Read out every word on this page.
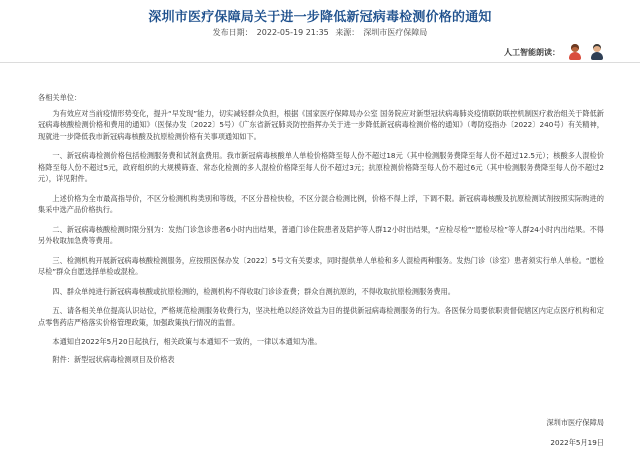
深圳市医疗保障局关于进一步降低新冠病毒检测价格的通知
发布日期： 2022-05-19 21:35 来源： 深圳市医疗保障局
人工智能朗读：

各相关单位：

为有效应对当前疫情形势变化，提升“早发现”能力，切实减轻群众负担，根据《国家医疗保障局办公室 国务院应对新型冠状病毒肺炎疫情联防联控机制医疗救治组关于降低新冠病毒核酸检测价格和费用的通知》（医保办发〔2022〕5号）《广东省新冠肺炎防控指挥办关于进一步降低新冠病毒检测价格的通知》（粤防疫指办〔2022〕240号）有关精神，现就进一步降低我市新冠病毒核酸及抗原检测价格有关事项通知如下。

一、新冠病毒检测价格包括检测服务费和试剂盒费用。我市新冠病毒核酸单人单检价格降至每人份不超过18元（其中检测服务费降至每人份不超过12.5元）；核酸多人混检价格降至每人份不超过5元，政府组织的大规模筛查、常态化检测的多人混检价格降至每人份不超过3元；抗原检测价格降至每人份不超过6元（其中检测服务费降至每人份不超过2元），详见附件。

上述价格为全市最高指导价，不区分检测机构类别和等级，不区分普检快检，不区分混合检测比例，价格不得上浮，下调不限。新冠病毒核酸及抗原检测试剂按照实际购进的集采中选产品价格执行。

二、新冠病毒核酸检测时限分别为：发热门诊急诊患者6小时内出结果，普通门诊住院患者及陪护等人群12小时出结果，“应检尽检”“愿检尽检”等人群24小时内出结果。不得另外收取加急费等费用。

三、检测机构开展新冠病毒核酸检测服务，应按照医保办发〔2022〕5号文有关要求，同时提供单人单检和多人混检两种服务。发热门诊（诊室）患者须实行单人单检。“愿检尽检”群众自愿选择单检或混检。

四、群众单纯进行新冠病毒核酸或抗原检测的，检测机构不得收取门诊诊查费；群众自测抗原的，不得收取抗原检测服务费用。

五、请各相关单位提高认识站位，严格规范检测服务收费行为，坚决杜绝以经济效益为目的提供新冠病毒检测服务的行为。各医保分局要依职责督促辖区内定点医疗机构和定点零售药店严格落实价格管理政策，加强政策执行情况的监督。

本通知自2022年5月20日起执行，相关政策与本通知不一致的，一律以本通知为准。

附件：新型冠状病毒检测项目及价格表

深圳市医疗保障局
2022年5月19日
